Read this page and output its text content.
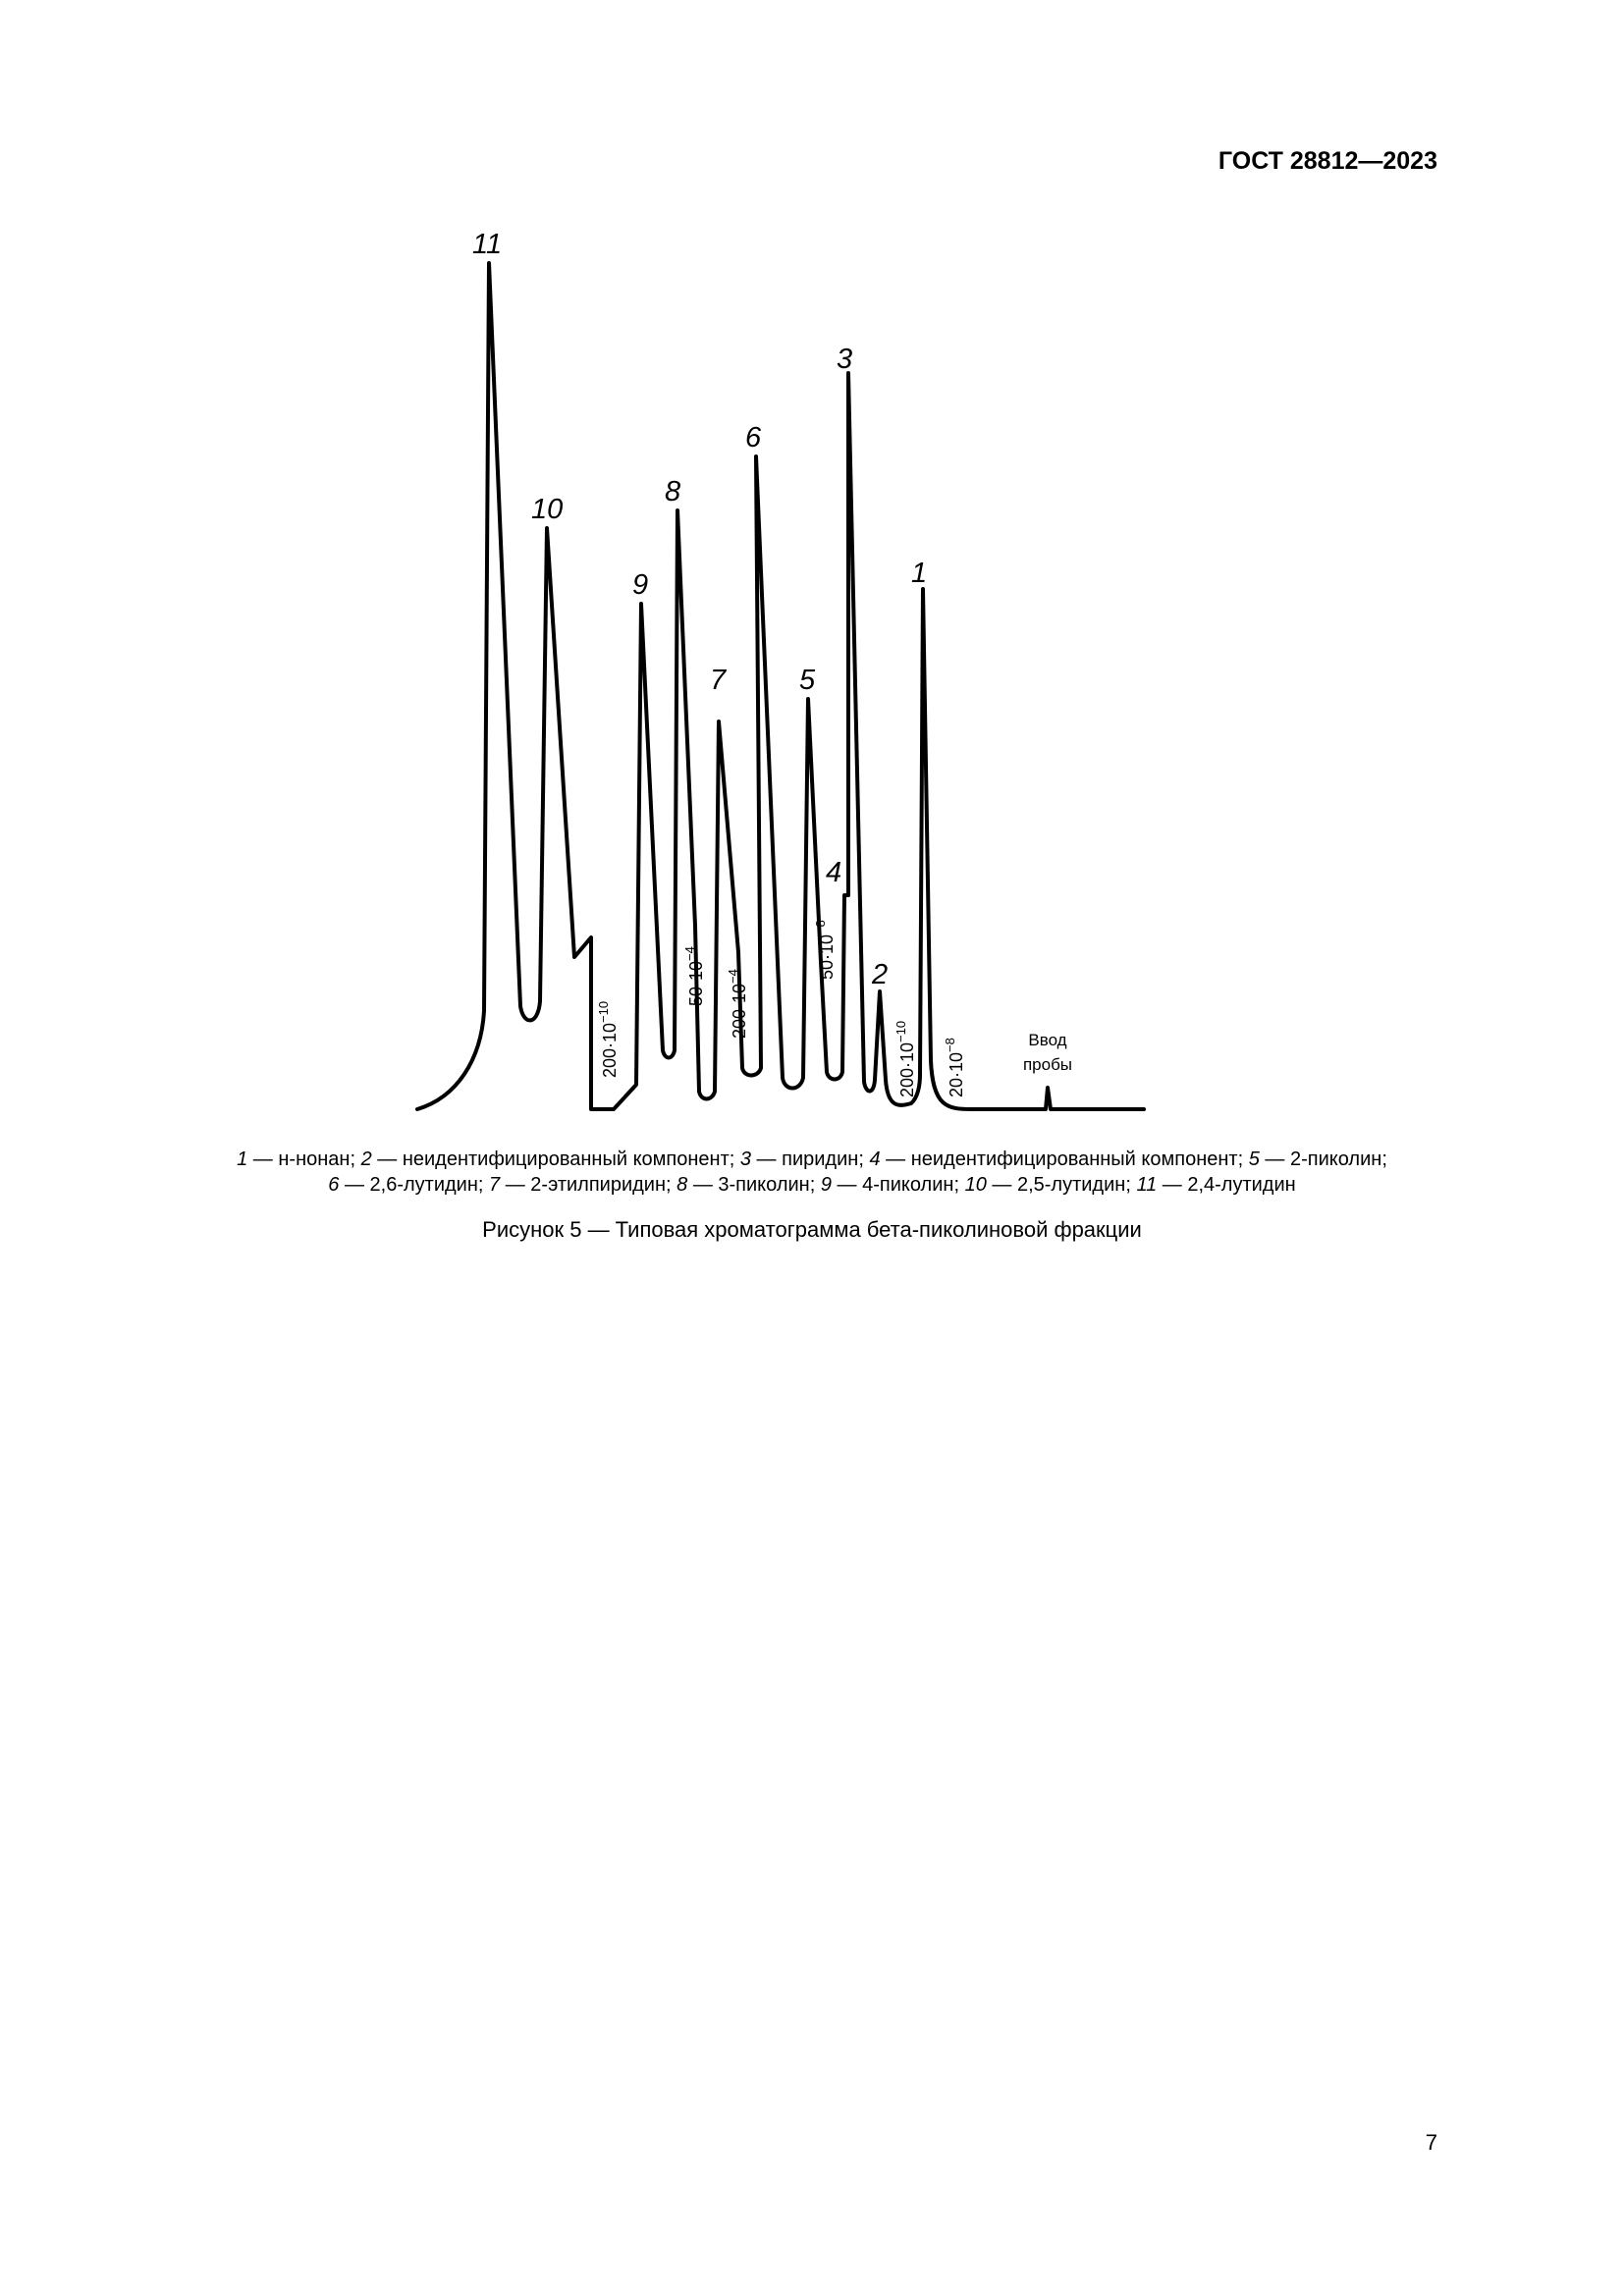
ГОСТ 28812—2023
1
2
3
4
5
6
7
8
9
10
11
$200\cdot 10^{-10}$
$50\cdot 10^{-4}$
$200\cdot 10^{-4}$	$50\cdot 10^{-8}$
$200\cdot 10^{-10}$
$20\cdot 10^{-8}$	Ввод
пробы
1 — н-нонан; 2 — неидентифицированный компонент; 3 — пиридин; 4 — неидентифицированный компонент; 5 — 2-пиколин;
6 — 2,6-лутидин; 7 — 2-этилпиридин; 8 — 3-пиколин; 9 — 4-пиколин; 10 — 2,5-лутидин; 11 — 2,4-лутидин
Рисунок 5 — Типовая хроматограмма бета-пиколиновой фракции
7
